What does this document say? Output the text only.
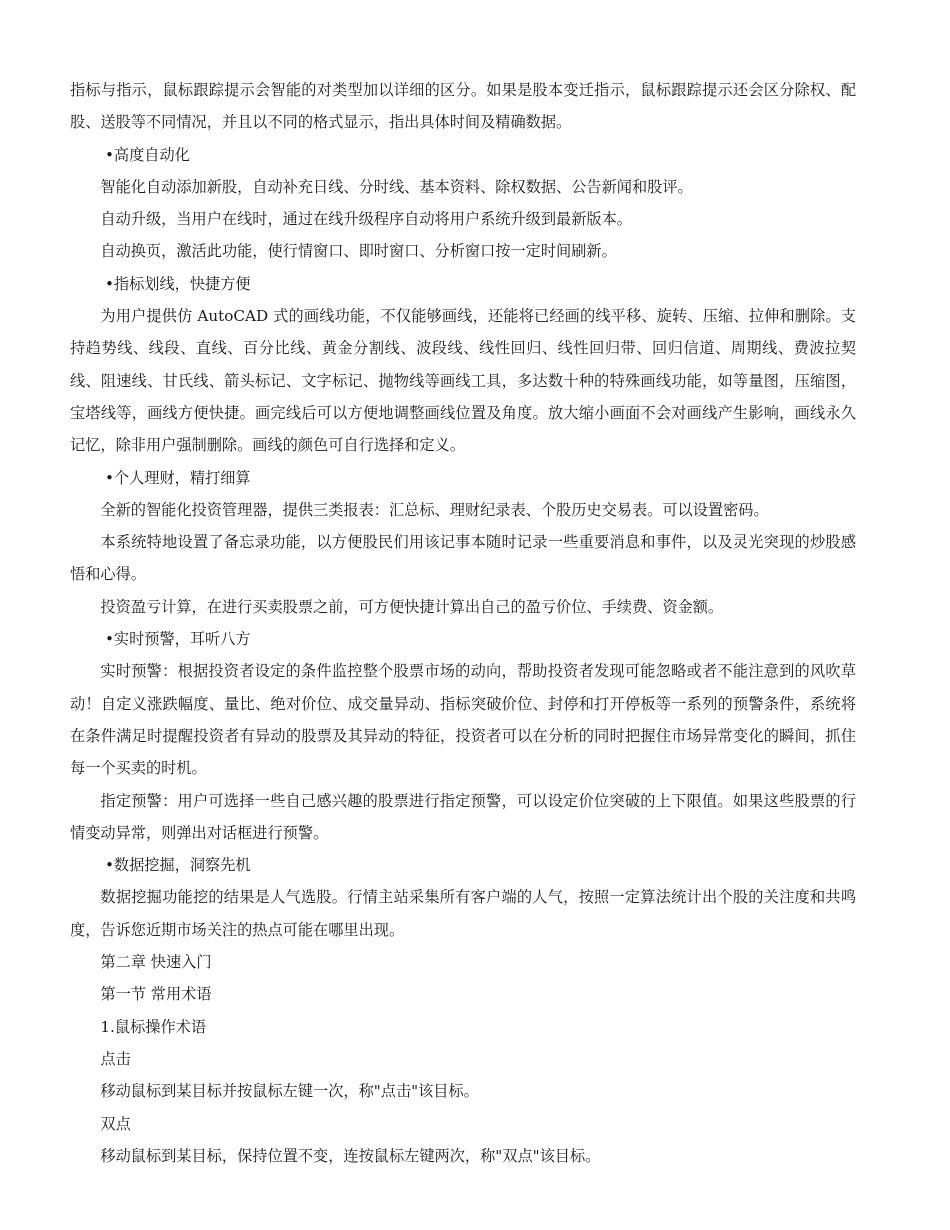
指标与指示，鼠标跟踪提示会智能的对类型加以详细的区分。如果是股本变迁指示，鼠标跟踪提示还会区分除权、配股、送股等不同情况，并且以不同的格式显示，指出具体时间及精确数据。

•高度自动化

智能化自动添加新股，自动补充日线、分时线、基本资料、除权数据、公告新闻和股评。

自动升级，当用户在线时，通过在线升级程序自动将用户系统升级到最新版本。

自动换页，激活此功能，使行情窗口、即时窗口、分析窗口按一定时间刷新。

•指标划线，快捷方便

为用户提供仿 AutoCAD 式的画线功能，不仅能够画线，还能将已经画的线平移、旋转、压缩、拉伸和删除。支持趋势线、线段、直线、百分比线、黄金分割线、波段线、线性回归、线性回归带、回归信道、周期线、费波拉契线、阻速线、甘氏线、箭头标记、文字标记、抛物线等画线工具，多达数十种的特殊画线功能，如等量图，压缩图，宝塔线等，画线方便快捷。画完线后可以方便地调整画线位置及角度。放大缩小画面不会对画线产生影响，画线永久记忆，除非用户强制删除。画线的颜色可自行选择和定义。

•个人理财，精打细算

全新的智能化投资管理器，提供三类报表：汇总标、理财纪录表、个股历史交易表。可以设置密码。

本系统特地设置了备忘录功能，以方便股民们用该记事本随时记录一些重要消息和事件，以及灵光突现的炒股感悟和心得。

投资盈亏计算，在进行买卖股票之前，可方便快捷计算出自己的盈亏价位、手续费、资金额。

•实时预警，耳听八方

实时预警：根据投资者设定的条件监控整个股票市场的动向，帮助投资者发现可能忽略或者不能注意到的风吹草动！自定义涨跌幅度、量比、绝对价位、成交量异动、指标突破价位、封停和打开停板等一系列的预警条件，系统将在条件满足时提醒投资者有异动的股票及其异动的特征，投资者可以在分析的同时把握住市场异常变化的瞬间，抓住每一个买卖的时机。

指定预警：用户可选择一些自己感兴趣的股票进行指定预警，可以设定价位突破的上下限值。如果这些股票的行情变动异常，则弹出对话框进行预警。

•数据挖掘，洞察先机

数据挖掘功能挖的结果是人气选股。行情主站采集所有客户端的人气，按照一定算法统计出个股的关注度和共鸣度，告诉您近期市场关注的热点可能在哪里出现。

第二章 快速入门

第一节 常用术语

1.鼠标操作术语

点击

移动鼠标到某目标并按鼠标左键一次，称"点击"该目标。

双点

移动鼠标到某目标，保持位置不变，连按鼠标左键两次，称"双点"该目标。
